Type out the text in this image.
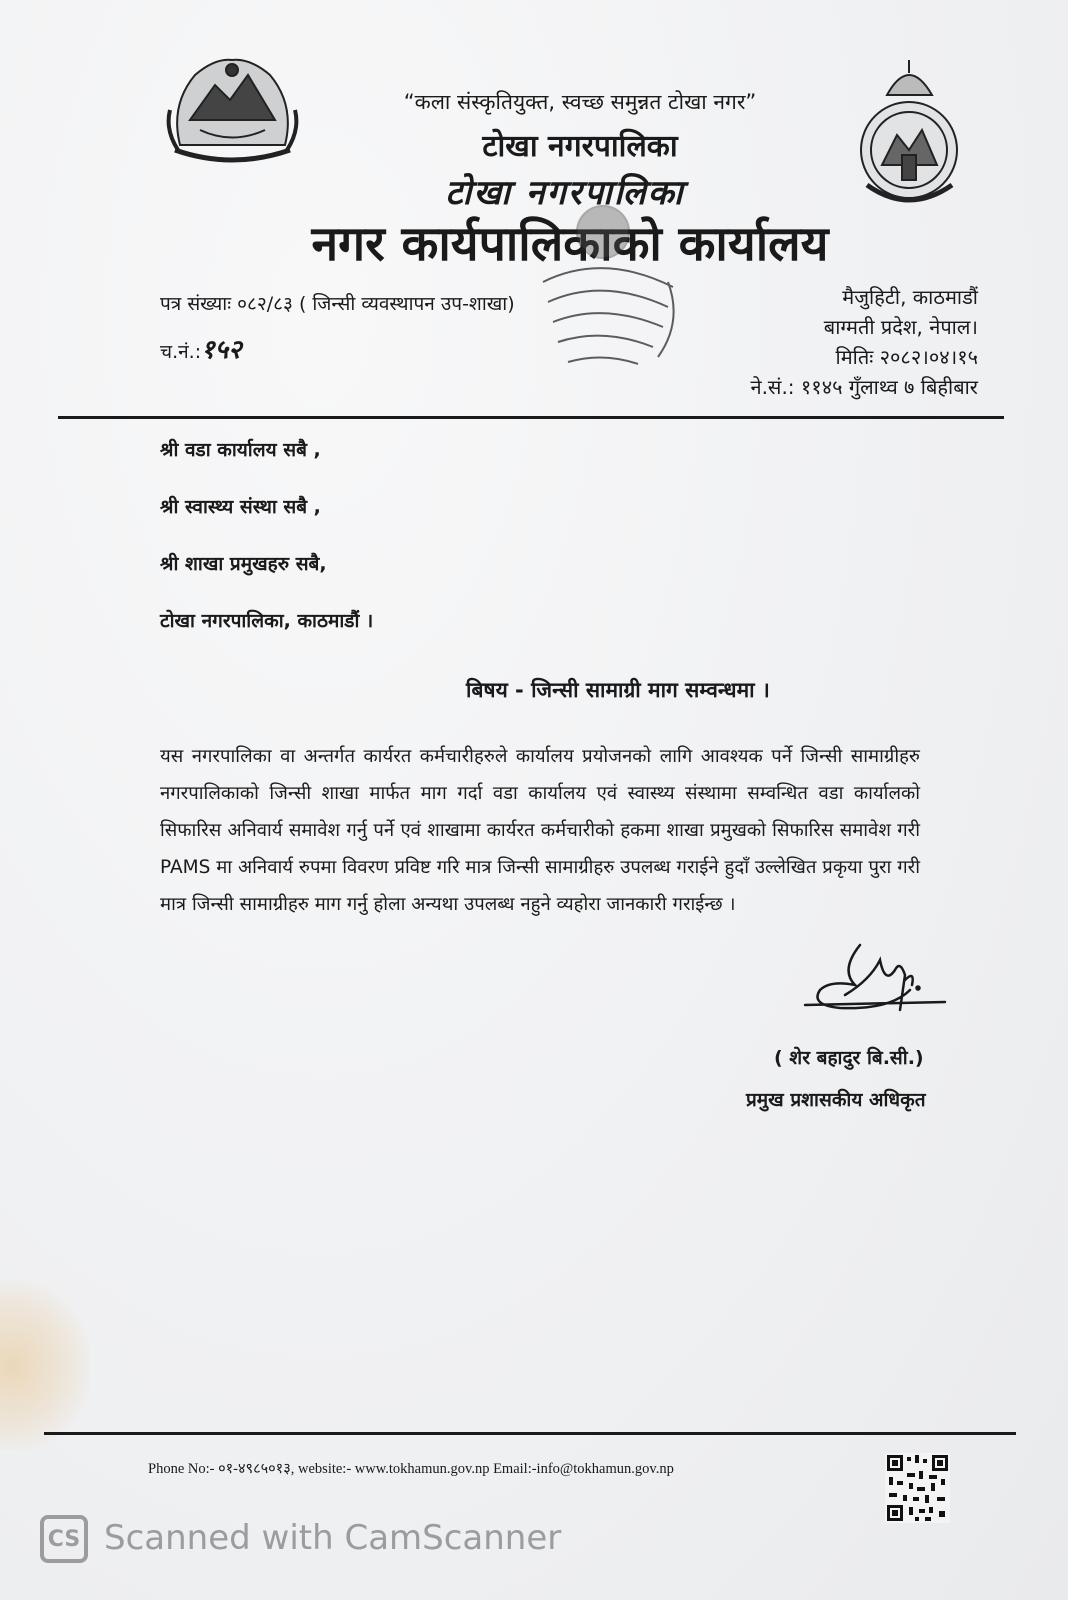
“कला संस्कृतियुक्त, स्वच्छ समुन्नत टोखा नगर”
टोखा नगरपालिका
टोखा नगरपालिका
नगर कार्यपालिकाको कार्यालय
पत्र संख्याः ०८२/८३ ( जिन्सी व्यवस्थापन उप-शाखा)
च.नं.:१५२
मैजुहिटी, काठमाडौं
बाग्मती प्रदेश, नेपाल।
मितिः २०८२।०४।१५
ने.सं.: ११४५ गुँलाथ्व ७ बिहीबार
श्री वडा कार्यालय सबै ,
श्री स्वास्थ्य संस्था सबै ,
श्री शाखा प्रमुखहरु सबै,
टोखा नगरपालिका, काठमाडौं ।
बिषय - जिन्सी सामाग्री माग सम्वन्धमा ।
यस नगरपालिका वा अन्तर्गत कार्यरत कर्मचारीहरुले कार्यालय प्रयोजनको लागि आवश्यक पर्ने जिन्सी सामाग्रीहरु नगरपालिकाको जिन्सी शाखा मार्फत माग गर्दा वडा कार्यालय एवं स्वास्थ्य संस्थामा सम्वन्धित वडा कार्यालको सिफारिस अनिवार्य समावेश गर्नु पर्ने एवं शाखामा कार्यरत कर्मचारीको हकमा शाखा प्रमुखको सिफारिस समावेश गरी PAMS मा अनिवार्य रुपमा विवरण प्रविष्ट गरि मात्र जिन्सी सामाग्रीहरु उपलब्ध गराईने हुदाँ उल्लेखित प्रकृया पुरा गरी मात्र जिन्सी सामाग्रीहरु माग गर्नु होला अन्यथा उपलब्ध नहुने व्यहोरा जानकारी गराईन्छ ।
( शेर बहादुर बि.सी.)
प्रमुख प्रशासकीय अधिकृत
Phone No:- ०१-४९८५०१३, website:- www.tokhamun.gov.np Email:-info@tokhamun.gov.np
CS Scanned with CamScanner
